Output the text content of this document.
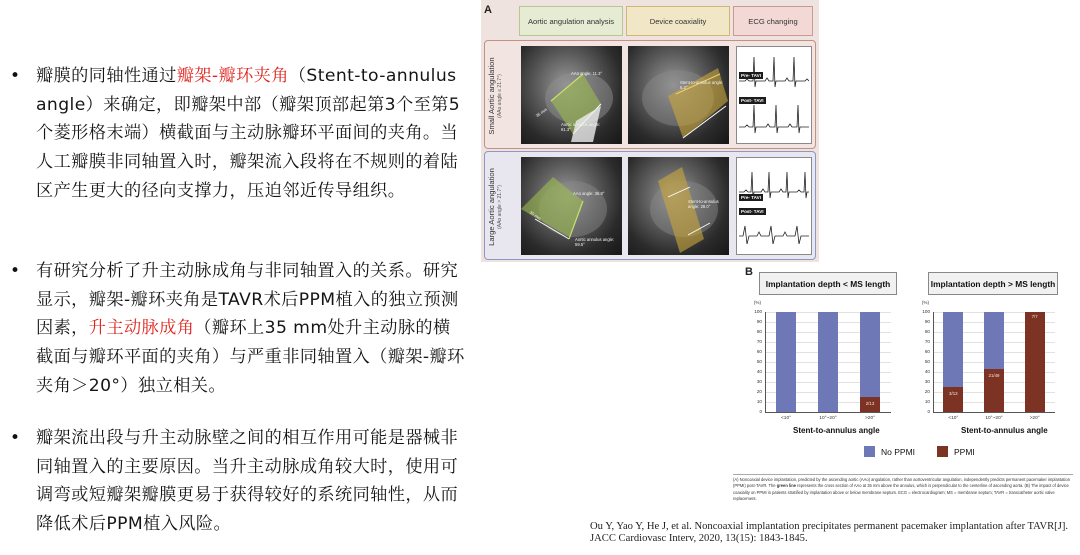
• 瓣膜的同轴性通过瓣架-瓣环夹角（Stent-to-annulus angle）来确定，即瓣架中部（瓣架顶部起第3个至第5个菱形格末端）横截面与主动脉瓣环平面间的夹角。当人工瓣膜非同轴置入时，瓣架流入段将在不规则的着陆区产生更大的径向支撑力，压迫邻近传导组织。

• 有研究分析了升主动脉成角与非同轴置入的关系。研究显示，瓣架-瓣环夹角是TAVR术后PPM植入的独立预测因素，升主动脉成角（瓣环上35 mm处升主动脉的横截面与瓣环平面的夹角）与严重非同轴置入（瓣架-瓣环夹角＞20°）独立相关。

• 瓣架流出段与升主动脉壁之间的相互作用可能是器械非同轴置入的主要原因。当升主动脉成角较大时，使用可调弯或短瓣架瓣膜更易于获得较好的系统同轴性，从而降低术后PPM植入风险。

A
Aortic angulation analysis	Device coaxiality	ECG changing
Small Aortic angulation (AAo angle ≤ 21.7°)
AAo angle: 11.3°
35 mm
Aortic annulus angle: 61.3°
Stent-to-annulus angle: 6.2°
Pre- TAVI
Post- TAVI
Large Aortic angulation (AAo angle > 21.7°)	AAo angle: 36.8°
35 mm
Aortic annulus angle: 59.5°
Stent-to-annulus angle: 28.0°
Pre- TAVI
Post- TAVI
B
Implantation depth < MS length	Implantation depth > MS length
(%)
0
10
20
30
40
50
60
70
80
90
100
<10°	10°~20°
2/13
>20°
Stent-to-annulus angle
(%)
0
10
20
30
40
50
60
70
80
90
100
3/13
<10°
21/49
10°~20°
7/7
>20°
Stent-to-annulus angle
No PPMI	PPMI
(A) Noncoaxial device implantation, predicted by the ascending aortic (AAo) angulation, rather than aortoventricular angulation, independently predicts permanent pacemaker implantation (PPMI) post-TAVR. The green line represents the cross section of AAo at 35 mm above the annulus, which is perpendicular to the centerline of ascending aorta. (B) The impact of device coaxiality on PPMI in patients stratified by implantation above or below membrane septum. ECG = electrocardiogram; MS = membrane septum; TAVR = transcatheter aortic valve replacement.
Ou Y, Yao Y, He J, et al. Noncoaxial implantation precipitates permanent pacemaker implantation after TAVR[J].
JACC Cardiovasc Interv, 2020, 13(15): 1843-1845.
